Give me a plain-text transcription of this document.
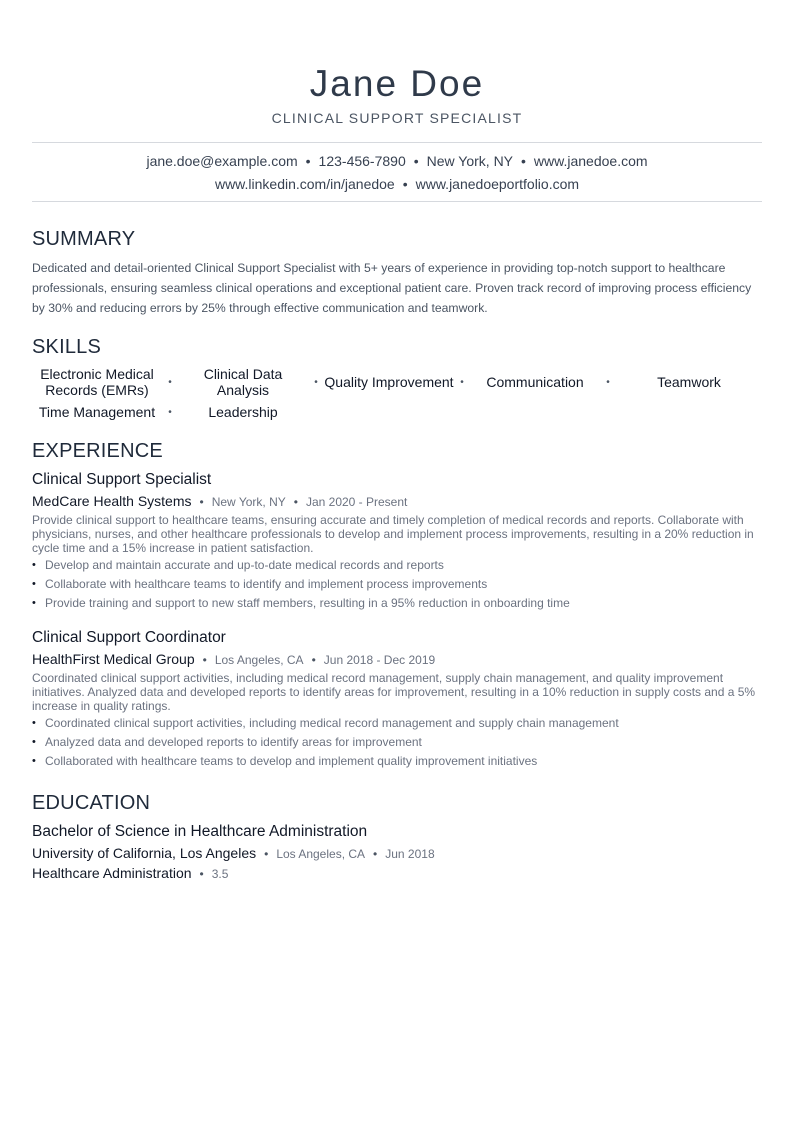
Jane Doe
CLINICAL SUPPORT SPECIALIST
jane.doe@example.com • 123-456-7890 • New York, NY • www.janedoe.com
www.linkedin.com/in/janedoe • www.janedoeportfolio.com
SUMMARY
Dedicated and detail-oriented Clinical Support Specialist with 5+ years of experience in providing top-notch support to healthcare professionals, ensuring seamless clinical operations and exceptional patient care. Proven track record of improving process efficiency by 30% and reducing errors by 25% through effective communication and teamwork.
SKILLS
Electronic Medical Records (EMRs)	•	Clinical Data Analysis	• Quality Improvement •	Communication	•	Teamwork
Time Management	•	Leadership
EXPERIENCE
Clinical Support Specialist
MedCare Health Systems • New York, NY • Jan 2020 - Present
Provide clinical support to healthcare teams, ensuring accurate and timely completion of medical records and reports. Collaborate with physicians, nurses, and other healthcare professionals to develop and implement process improvements, resulting in a 20% reduction in cycle time and a 15% increase in patient satisfaction.
• Develop and maintain accurate and up-to-date medical records and reports
• Collaborate with healthcare teams to identify and implement process improvements
• Provide training and support to new staff members, resulting in a 95% reduction in onboarding time
Clinical Support Coordinator
HealthFirst Medical Group • Los Angeles, CA • Jun 2018 - Dec 2019
Coordinated clinical support activities, including medical record management, supply chain management, and quality improvement initiatives. Analyzed data and developed reports to identify areas for improvement, resulting in a 10% reduction in supply costs and a 5% increase in quality ratings.
• Coordinated clinical support activities, including medical record management and supply chain management
• Analyzed data and developed reports to identify areas for improvement
• Collaborated with healthcare teams to develop and implement quality improvement initiatives
EDUCATION
Bachelor of Science in Healthcare Administration
University of California, Los Angeles • Los Angeles, CA • Jun 2018
Healthcare Administration • 3.5
